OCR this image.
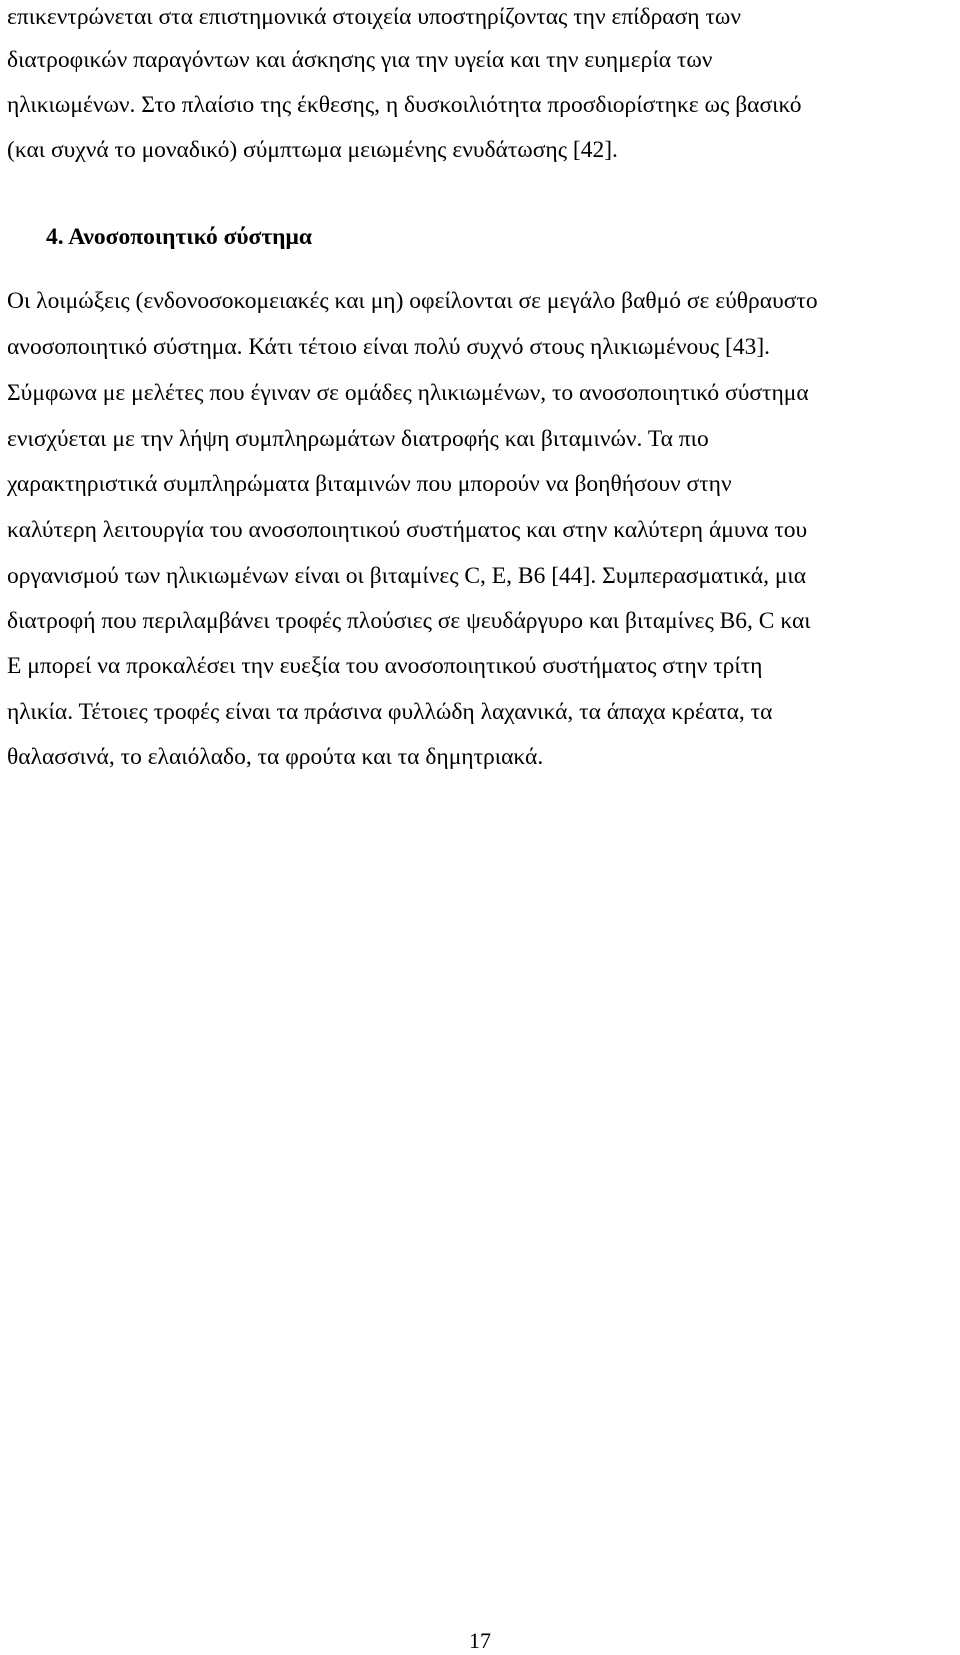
επικεντρώνεται στα επιστημονικά στοιχεία υποστηρίζοντας την επίδραση των
διατροφικών παραγόντων και άσκησης για την υγεία και την ευημερία των
ηλικιωμένων. Στο πλαίσιο της έκθεσης, η δυσκοιλιότητα προσδιορίστηκε ως βασικό
(και συχνά το μοναδικό) σύμπτωμα μειωμένης ενυδάτωσης [42].
4. Ανοσοποιητικό σύστημα
Οι λοιμώξεις (ενδονοσοκομειακές και μη) οφείλονται σε μεγάλο βαθμό σε εύθραυστο
ανοσοποιητικό σύστημα. Κάτι τέτοιο είναι πολύ συχνό στους ηλικιωμένους [43].
Σύμφωνα με μελέτες που έγιναν σε ομάδες ηλικιωμένων, το ανοσοποιητικό σύστημα
ενισχύεται με την λήψη συμπληρωμάτων διατροφής και βιταμινών. Τα πιο
χαρακτηριστικά συμπληρώματα βιταμινών που μπορούν να βοηθήσουν στην
καλύτερη λειτουργία του ανοσοποιητικού συστήματος και στην καλύτερη άμυνα του
οργανισμού των ηλικιωμένων είναι οι βιταμίνες C, E, B6 [44]. Συμπερασματικά, μια
διατροφή που περιλαμβάνει τροφές πλούσιες σε ψευδάργυρο και βιταμίνες Β6, C και
Ε μπορεί να προκαλέσει την ευεξία του ανοσοποιητικού συστήματος στην τρίτη
ηλικία. Τέτοιες τροφές είναι τα πράσινα φυλλώδη λαχανικά, τα άπαχα κρέατα, τα
θαλασσινά, το ελαιόλαδο, τα φρούτα και τα δημητριακά.
17
